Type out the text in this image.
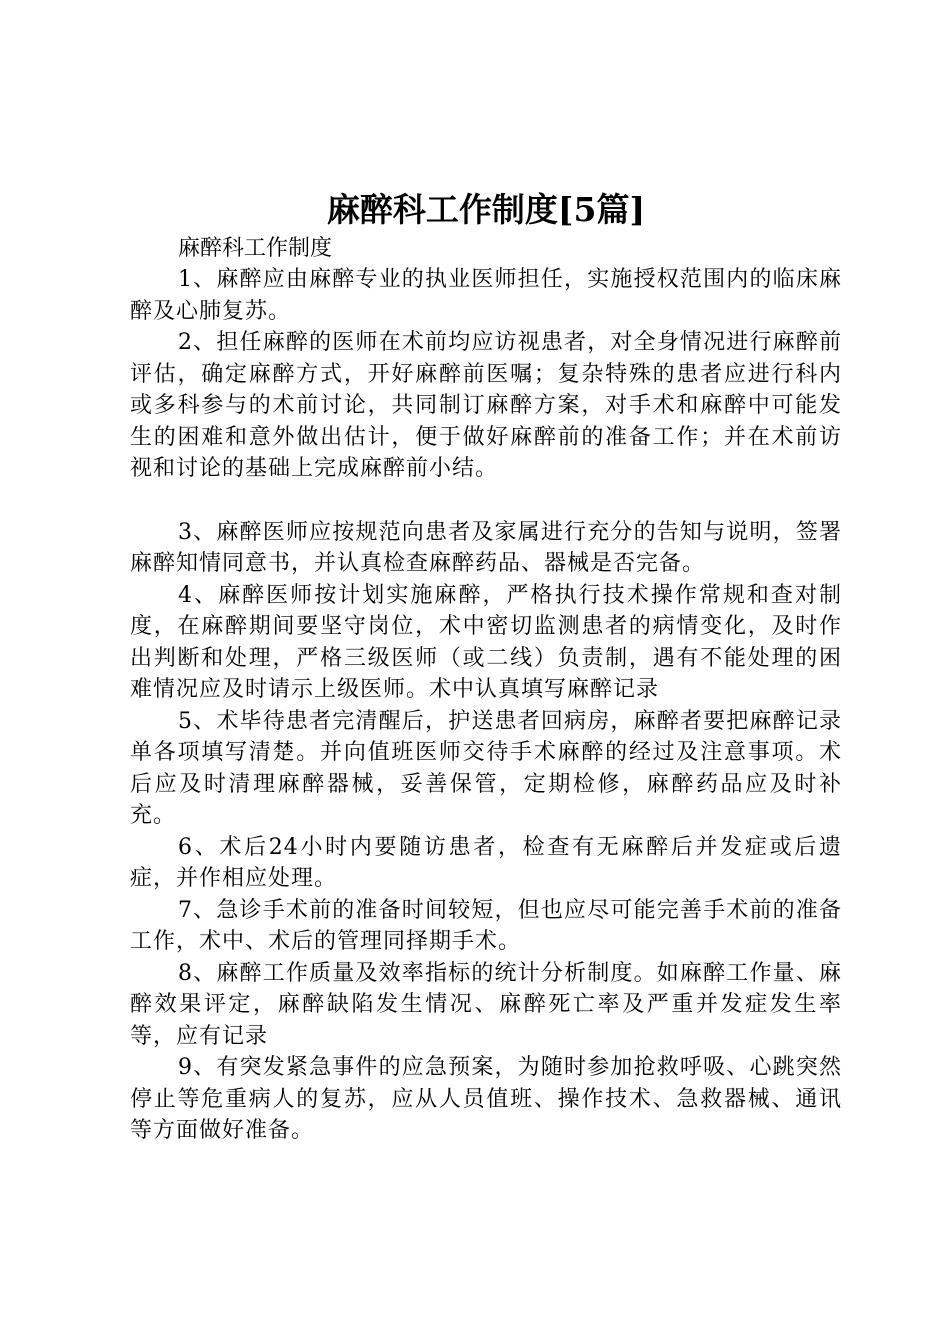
麻醉科工作制度[5篇]

麻醉科工作制度

1、麻醉应由麻醉专业的执业医师担任，实施授权范围内的临床麻醉及心肺复苏。

2、担任麻醉的医师在术前均应访视患者，对全身情况进行麻醉前评估，确定麻醉方式，开好麻醉前医嘱；复杂特殊的患者应进行科内或多科参与的术前讨论，共同制订麻醉方案，对手术和麻醉中可能发生的困难和意外做出估计，便于做好麻醉前的准备工作；并在术前访视和讨论的基础上完成麻醉前小结。

3、麻醉医师应按规范向患者及家属进行充分的告知与说明，签署麻醉知情同意书，并认真检查麻醉药品、器械是否完备。

4、麻醉医师按计划实施麻醉，严格执行技术操作常规和查对制度，在麻醉期间要坚守岗位，术中密切监测患者的病情变化，及时作出判断和处理，严格三级医师（或二线）负责制，遇有不能处理的困难情况应及时请示上级医师。术中认真填写麻醉记录

5、术毕待患者完清醒后，护送患者回病房，麻醉者要把麻醉记录单各项填写清楚。并向值班医师交待手术麻醉的经过及注意事项。术后应及时清理麻醉器械，妥善保管，定期检修，麻醉药品应及时补充。

6、术后24小时内要随访患者，检查有无麻醉后并发症或后遗症，并作相应处理。

7、急诊手术前的准备时间较短，但也应尽可能完善手术前的准备工作，术中、术后的管理同择期手术。

8、麻醉工作质量及效率指标的统计分析制度。如麻醉工作量、麻醉效果评定，麻醉缺陷发生情况、麻醉死亡率及严重并发症发生率等，应有记录

9、有突发紧急事件的应急预案，为随时参加抢救呼吸、心跳突然停止等危重病人的复苏，应从人员值班、操作技术、急救器械、通讯等方面做好准备。
